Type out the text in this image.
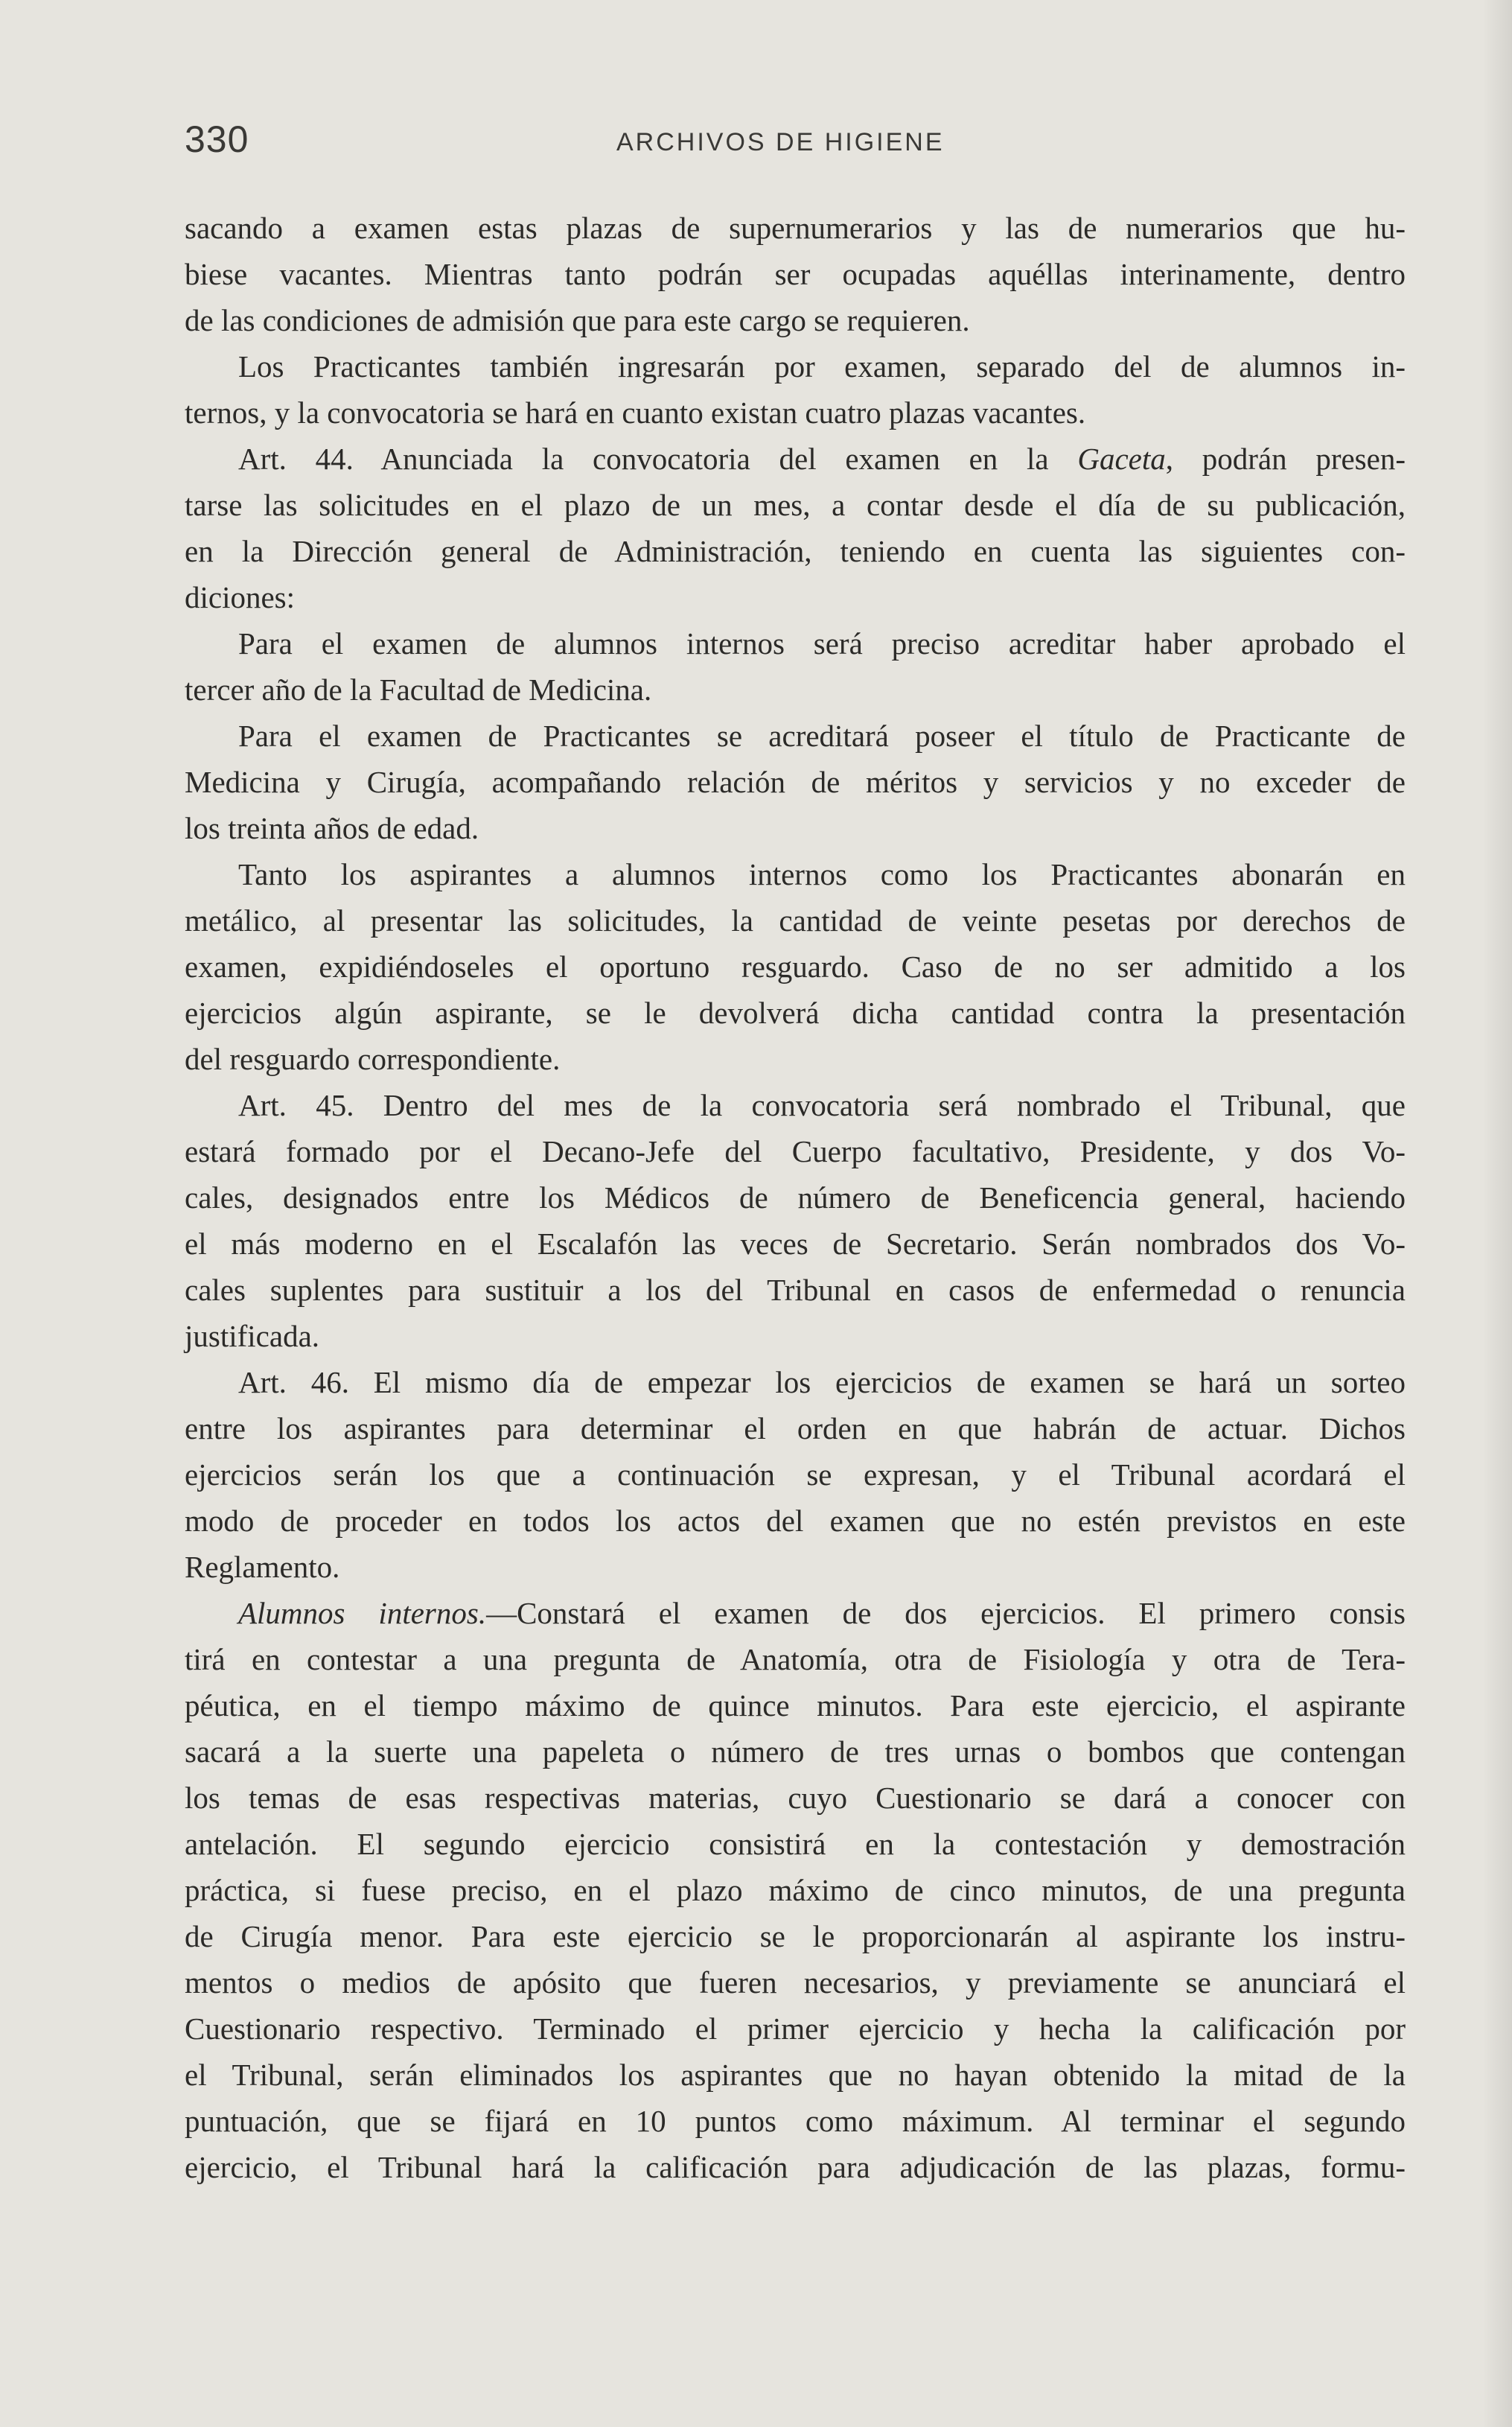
330	ARCHIVOS DE HIGIENE
sacando a examen estas plazas de supernumerarios y las de numerarios que hu-
biese vacantes. Mientras tanto podrán ser ocupadas aquéllas interinamente, dentro
de las condiciones de admisión que para este cargo se requieren.
Los Practicantes también ingresarán por examen, separado del de alumnos in-
ternos, y la convocatoria se hará en cuanto existan cuatro plazas vacantes.
Art. 44. Anunciada la convocatoria del examen en la Gaceta, podrán presen-
tarse las solicitudes en el plazo de un mes, a contar desde el día de su publicación,
en la Dirección general de Administración, teniendo en cuenta las siguientes con-
diciones:
Para el examen de alumnos internos será preciso acreditar haber aprobado el
tercer año de la Facultad de Medicina.
Para el examen de Practicantes se acreditará poseer el título de Practicante de
Medicina y Cirugía, acompañando relación de méritos y servicios y no exceder de
los treinta años de edad.
Tanto los aspirantes a alumnos internos como los Practicantes abonarán en
metálico, al presentar las solicitudes, la cantidad de veinte pesetas por derechos de
examen, expidiéndoseles el oportuno resguardo. Caso de no ser admitido a los
ejercicios algún aspirante, se le devolverá dicha cantidad contra la presentación
del resguardo correspondiente.
Art. 45. Dentro del mes de la convocatoria será nombrado el Tribunal, que
estará formado por el Decano-Jefe del Cuerpo facultativo, Presidente, y dos Vo-
cales, designados entre los Médicos de número de Beneficencia general, haciendo
el más moderno en el Escalafón las veces de Secretario. Serán nombrados dos Vo-
cales suplentes para sustituir a los del Tribunal en casos de enfermedad o renuncia
justificada.
Art. 46. El mismo día de empezar los ejercicios de examen se hará un sorteo
entre los aspirantes para determinar el orden en que habrán de actuar. Dichos
ejercicios serán los que a continuación se expresan, y el Tribunal acordará el
modo de proceder en todos los actos del examen que no estén previstos en este
Reglamento.
Alumnos internos.—Constará el examen de dos ejercicios. El primero consis
tirá en contestar a una pregunta de Anatomía, otra de Fisiología y otra de Tera-
péutica, en el tiempo máximo de quince minutos. Para este ejercicio, el aspirante
sacará a la suerte una papeleta o número de tres urnas o bombos que contengan
los temas de esas respectivas materias, cuyo Cuestionario se dará a conocer con
antelación. El segundo ejercicio consistirá en la contestación y demostración
práctica, si fuese preciso, en el plazo máximo de cinco minutos, de una pregunta
de Cirugía menor. Para este ejercicio se le proporcionarán al aspirante los instru-
mentos o medios de apósito que fueren necesarios, y previamente se anunciará el
Cuestionario respectivo. Terminado el primer ejercicio y hecha la calificación por
el Tribunal, serán eliminados los aspirantes que no hayan obtenido la mitad de la
puntuación, que se fijará en 10 puntos como máximum. Al terminar el segundo
ejercicio, el Tribunal hará la calificación para adjudicación de las plazas, formu-
